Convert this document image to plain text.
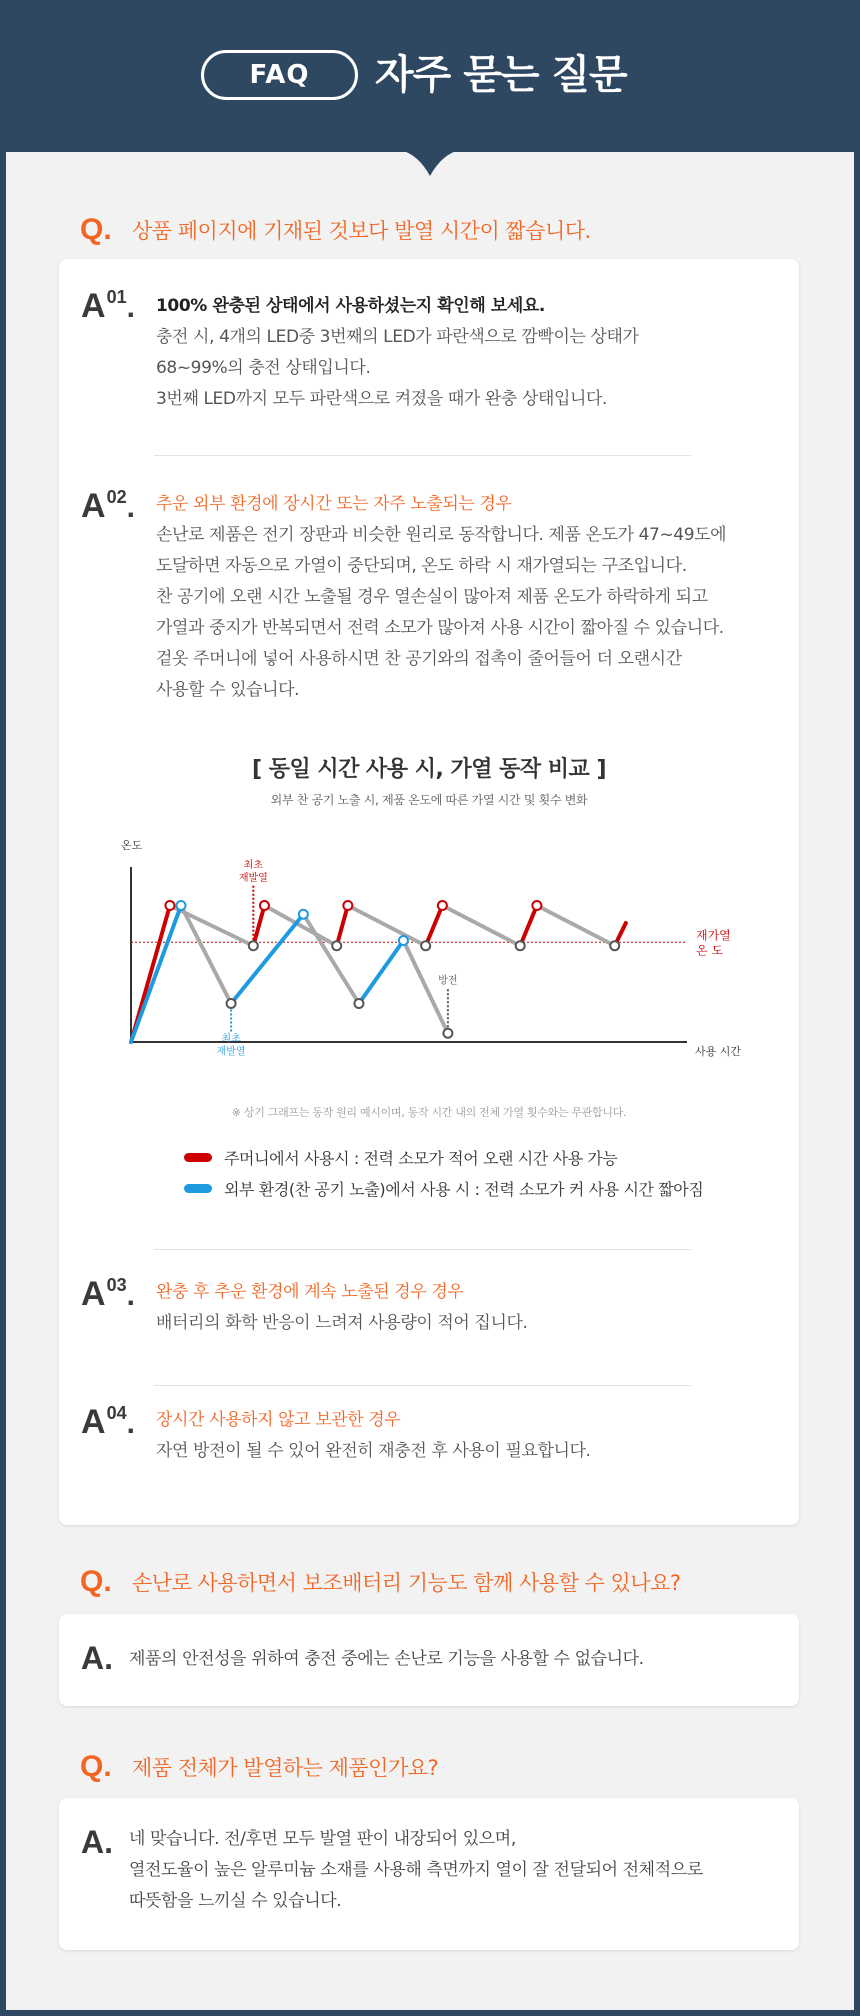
FAQ	자주 묻는 질문
Q. 상품 페이지에 기재된 것보다 발열 시간이 짧습니다.
A01. 100% 완충된 상태에서 사용하셨는지 확인해 보세요.
충전 시, 4개의 LED중 3번째의 LED가 파란색으로 깜빡이는 상태가
68~99%의 충전 상태입니다.
3번째 LED까지 모두 파란색으로 켜졌을 때가 완충 상태입니다.
A02. 추운 외부 환경에 장시간 또는 자주 노출되는 경우
손난로 제품은 전기 장판과 비슷한 원리로 동작합니다. 제품 온도가 47~49도에
도달하면 자동으로 가열이 중단되며, 온도 하락 시 재가열되는 구조입니다.
찬 공기에 오랜 시간 노출될 경우 열손실이 많아져 제품 온도가 하락하게 되고
가열과 중지가 반복되면서 전력 소모가 많아져 사용 시간이 짧아질 수 있습니다.
겉옷 주머니에 넣어 사용하시면 찬 공기와의 접촉이 줄어들어 더 오랜시간
사용할 수 있습니다.
[ 동일 시간 사용 시, 가열 동작 비교 ]
외부 찬 공기 노출 시, 제품 온도에 따른 가열 시간 및 횟수 변화
온도
사용 시간
재가열
온 도
최초
재발열
최초
재발열
방전
※ 상기 그래프는 동작 원리 예시이며, 동작 시간 내의 전체 가열 횟수와는 무관합니다.
주머니에서 사용시 : 전력 소모가 적어 오랜 시간 사용 가능
외부 환경(찬 공기 노출)에서 사용 시 : 전력 소모가 커 사용 시간 짧아짐
A03. 완충 후 추운 환경에 계속 노출된 경우 경우
배터리의 화학 반응이 느려져 사용량이 적어 집니다.
A04. 장시간 사용하지 않고 보관한 경우
자연 방전이 될 수 있어 완전히 재충전 후 사용이 필요합니다.
Q. 손난로 사용하면서 보조배터리 기능도 함께 사용할 수 있나요?
A. 제품의 안전성을 위하여 충전 중에는 손난로 기능을 사용할 수 없습니다.
Q. 제품 전체가 발열하는 제품인가요?
A. 네 맞습니다. 전/후면 모두 발열 판이 내장되어 있으며,
열전도율이 높은 알루미늄 소재를 사용해 측면까지 열이 잘 전달되어 전체적으로
따뜻함을 느끼실 수 있습니다.
